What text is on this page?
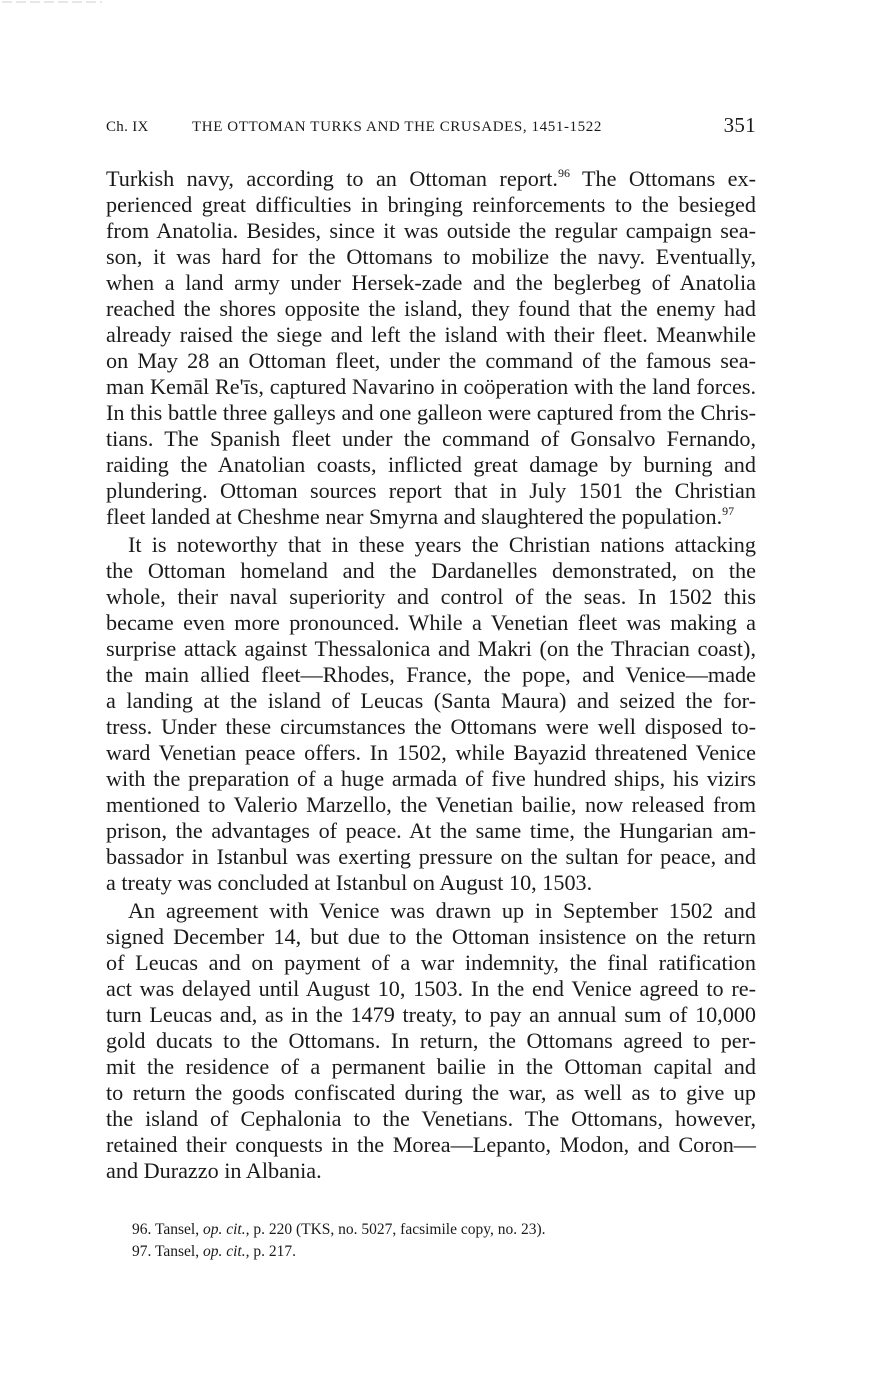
Ch. IX	THE OTTOMAN TURKS AND THE CRUSADES, 1451-1522	351

Turkish navy, according to an Ottoman report.$^{96}$ The Ottomans ex-
perienced great difficulties in bringing reinforcements to the besieged
from Anatolia. Besides, since it was outside the regular campaign sea-
son, it was hard for the Ottomans to mobilize the navy. Eventually,
when a land army under Hersek-zade and the beglerbeg of Anatolia
reached the shores opposite the island, they found that the enemy had
already raised the siege and left the island with their fleet. Meanwhile
on May 28 an Ottoman fleet, under the command of the famous sea-
man Kemāl Re'īs, captured Navarino in coöperation with the land forces.
In this battle three galleys and one galleon were captured from the Chris-
tians. The Spanish fleet under the command of Gonsalvo Fernando,
raiding the Anatolian coasts, inflicted great damage by burning and
plundering. Ottoman sources report that in July 1501 the Christian
fleet landed at Cheshme near Smyrna and slaughtered the population.$^{97}$

It is noteworthy that in these years the Christian nations attacking
the Ottoman homeland and the Dardanelles demonstrated, on the
whole, their naval superiority and control of the seas. In 1502 this
became even more pronounced. While a Venetian fleet was making a
surprise attack against Thessalonica and Makri (on the Thracian coast),
the main allied fleet—Rhodes, France, the pope, and Venice—made
a landing at the island of Leucas (Santa Maura) and seized the for-
tress. Under these circumstances the Ottomans were well disposed to-
ward Venetian peace offers. In 1502, while Bayazid threatened Venice
with the preparation of a huge armada of five hundred ships, his vizirs
mentioned to Valerio Marzello, the Venetian bailie, now released from
prison, the advantages of peace. At the same time, the Hungarian am-
bassador in Istanbul was exerting pressure on the sultan for peace, and
a treaty was concluded at Istanbul on August 10, 1503.

An agreement with Venice was drawn up in September 1502 and
signed December 14, but due to the Ottoman insistence on the return
of Leucas and on payment of a war indemnity, the final ratification
act was delayed until August 10, 1503. In the end Venice agreed to re-
turn Leucas and, as in the 1479 treaty, to pay an annual sum of 10,000
gold ducats to the Ottomans. In return, the Ottomans agreed to per-
mit the residence of a permanent bailie in the Ottoman capital and
to return the goods confiscated during the war, as well as to give up
the island of Cephalonia to the Venetians. The Ottomans, however,
retained their conquests in the Morea—Lepanto, Modon, and Coron—
and Durazzo in Albania.

96. Tansel, op. cit., p. 220 (TKS, no. 5027, facsimile copy, no. 23).
97. Tansel, op. cit., p. 217.
